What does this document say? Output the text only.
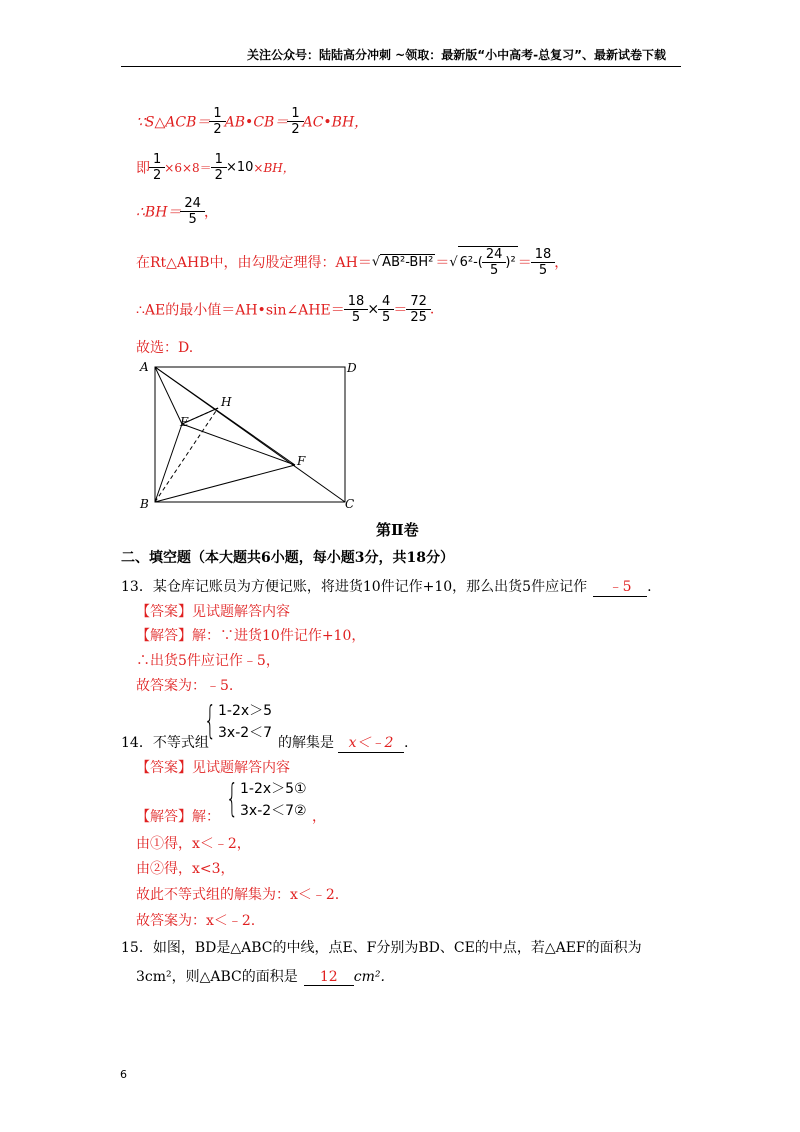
关注公众号：陆陆高分冲刺 ~领取：最新版“小中高考-总复习”、最新试卷下载
∵S△ACB＝ $\frac{1}{2}$ AB•CB＝ $\frac{1}{2}$ AC•BH，
即 $\frac{1}{2} \times 6\times 8= \frac{1}{2} \times 10\times BH$，
∴BH＝ $\frac{24}{5}$ ，
在Rt△AHB中，由勾股定理得：AH＝√ AB²-BH² ＝√ $6^2-( \frac{24}{5} )^2 = \frac{18}{5}$ ，
∴AE的最小值＝AH•sin∠AHE＝ $\frac{18}{5} \times \frac{4}{5} = \frac{72}{25}$ .
故选：D.
A	D
H
E
F
B	C
第Ⅱ卷
二、填空题（本大题共6小题，每小题3分，共18分）
13．某仓库记账员为方便记账，将进货10件记作+10，那么出货5件应记作 ﹣5 .
【答案】见试题解答内容
【解答】解：∵进货10件记作+10，
∴出货5件应记作﹣5，
故答案为：﹣5.
{ 1-2x＞5
3x-2＜7
14．不等式组	的解集是 x＜﹣2 .
【答案】见试题解答内容
【解答】解： { 1-2x＞5①
3x-2＜7② ，
由①得，x＜﹣2，
由②得，x<3，
故此不等式组的解集为：x＜﹣2.
故答案为：x＜﹣2.
15．如图，BD是△ABC的中线，点E、F分别为BD、CE的中点，若△AEF的面积为
3cm²，则△ABC的面积是 12 cm².
6
